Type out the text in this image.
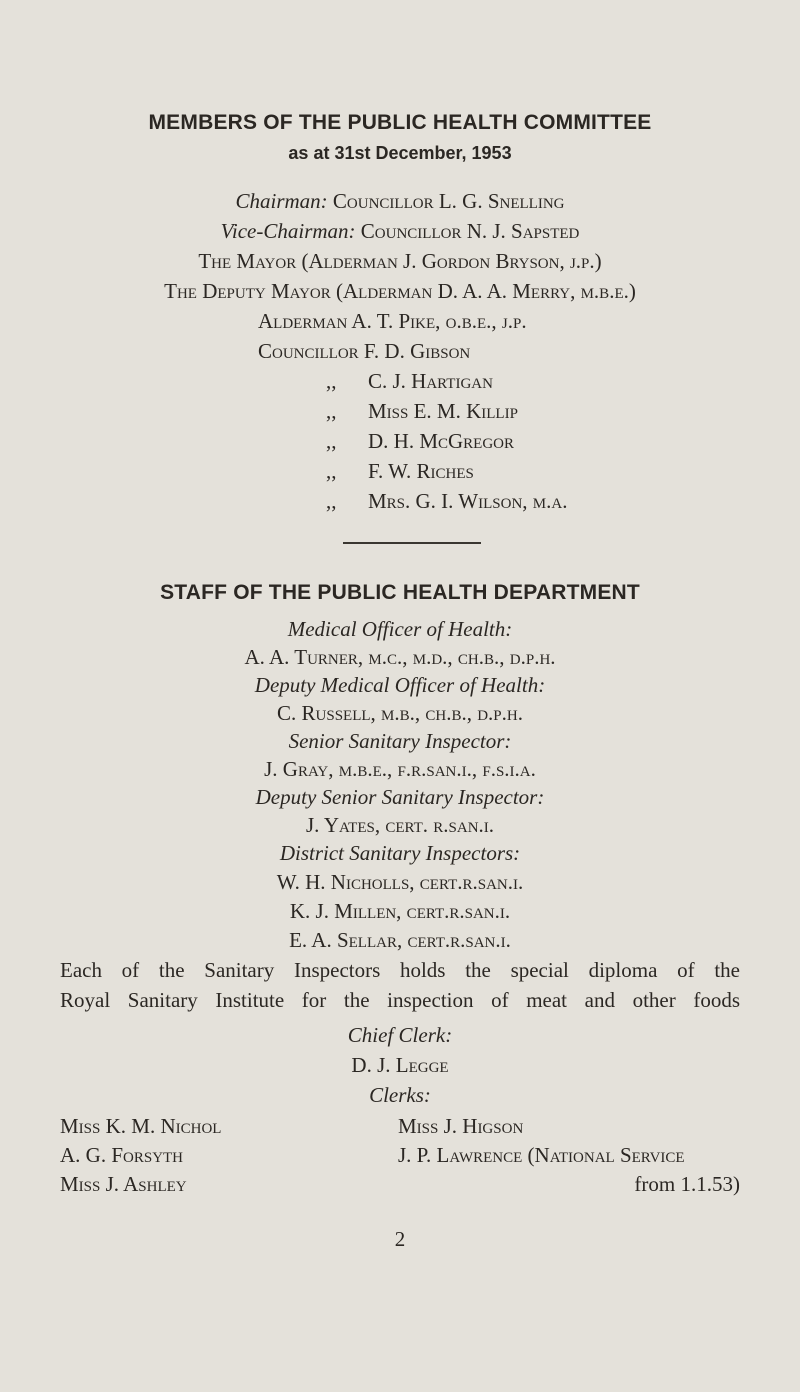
MEMBERS OF THE PUBLIC HEALTH COMMITTEE
as at 31st December, 1953
Chairman: Councillor L. G. Snelling
Vice-Chairman: Councillor N. J. Sapsted
The Mayor (Alderman J. Gordon Bryson, j.p.)
The Deputy Mayor (Alderman D. A. A. Merry, m.b.e.)
Alderman A. T. Pike, o.b.e., j.p.
Councillor F. D. Gibson
,, C. J. Hartigan
,, Miss E. M. Killip
,, D. H. McGregor
,, F. W. Riches
,, Mrs. G. I. Wilson, m.a.
STAFF OF THE PUBLIC HEALTH DEPARTMENT
Medical Officer of Health:
A. A. Turner, m.c., m.d., ch.b., d.p.h.
Deputy Medical Officer of Health:
C. Russell, m.b., ch.b., d.p.h.
Senior Sanitary Inspector:
J. Gray, m.b.e., f.r.san.i., f.s.i.a.
Deputy Senior Sanitary Inspector:
J. Yates, cert. r.san.i.
District Sanitary Inspectors:
W. H. Nicholls, cert.r.san.i.
K. J. Millen, cert.r.san.i.
E. A. Sellar, cert.r.san.i.
Each of the Sanitary Inspectors holds the special diploma of the
Royal Sanitary Institute for the inspection of meat and other foods
Chief Clerk:
D. J. Legge
Clerks:
Miss K. M. Nichol
A. G. Forsyth
Miss J. Ashley
Miss J. Higson
J. P. Lawrence (National Service
from 1.1.53)
2
